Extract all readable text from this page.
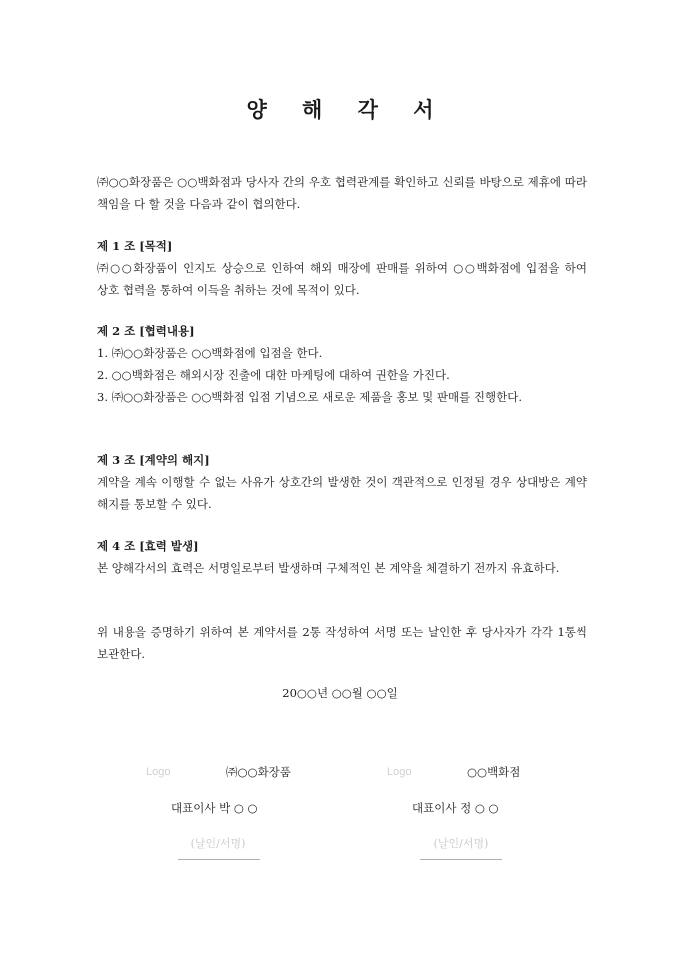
양 해 각 서
㈜○○화장품은 ○○백화점과 당사자 간의 우호 협력관계를 확인하고 신뢰를 바탕으로 제휴에 따라 책임을 다 할 것을 다음과 같이 협의한다.
제 1 조 [목적]
㈜○○화장품이 인지도 상승으로 인하여 해외 매장에 판매를 위하여 ○○백화점에 입점을 하여 상호 협력을 통하여 이득을 취하는 것에 목적이 있다.
제 2 조 [협력내용]
1. ㈜○○화장품은 ○○백화점에 입점을 한다.
2. ○○백화점은 해외시장 진출에 대한 마케팅에 대하여 권한을 가진다.
3. ㈜○○화장품은 ○○백화점 입점 기념으로 새로운 제품을 홍보 및 판매를 진행한다.
제 3 조 [계약의 해지]
계약을 계속 이행할 수 없는 사유가 상호간의 발생한 것이 객관적으로 인정될 경우 상대방은 계약 해지를 통보할 수 있다.
제 4 조 [효력 발생]
본 양해각서의 효력은 서명일로부터 발생하며 구체적인 본 계약을 체결하기 전까지 유효하다.
위 내용을 증명하기 위하여 본 계약서를 2통 작성하여 서명 또는 날인한 후 당사자가 각각 1통씩 보관한다.
20○○년 ○○월 ○○일
Logo	㈜○○화장품
대표이사 박 ○ ○
(날인/서명)
Logo	○○백화점
대표이사 정 ○ ○
(날인/서명)
